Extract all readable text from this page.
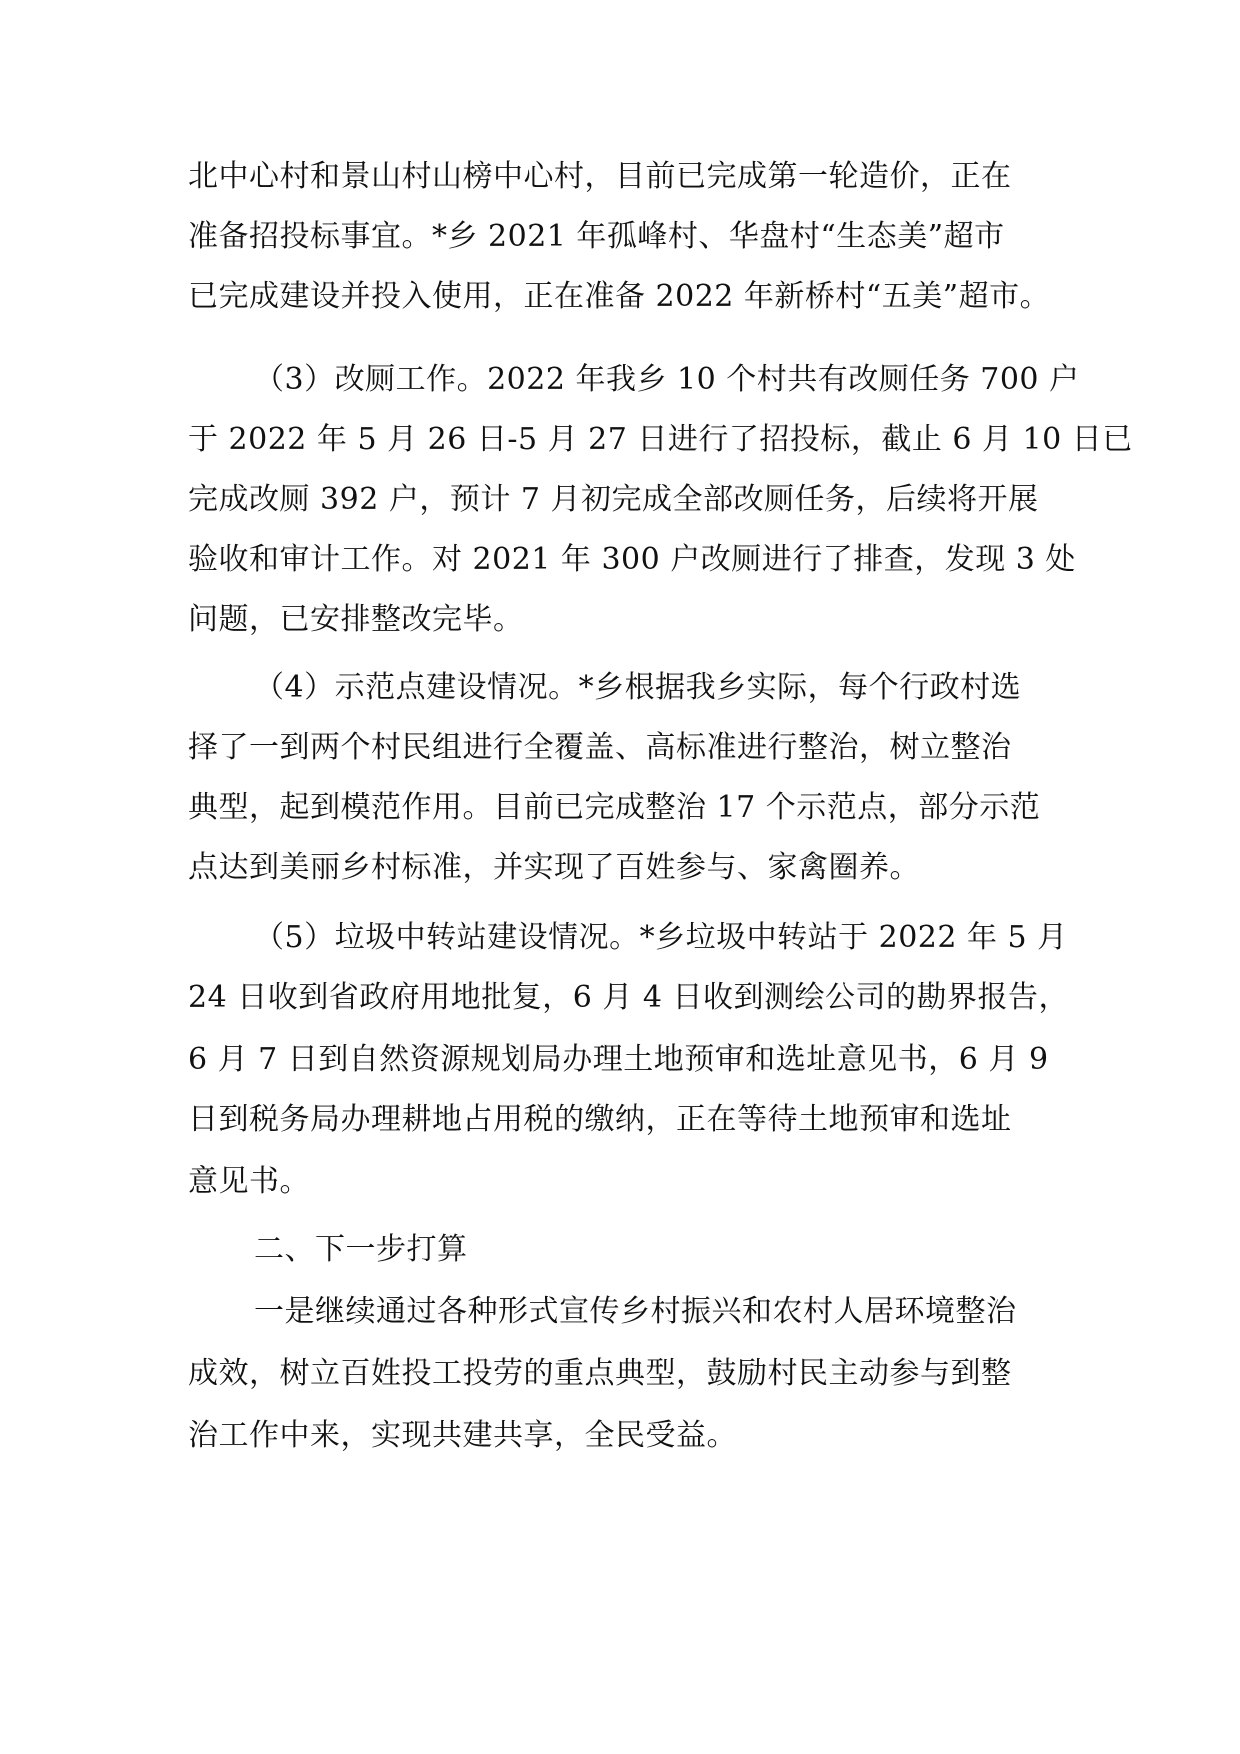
北中心村和景山村山榜中心村，目前已完成第一轮造价，正在
准备招投标事宜。*乡 2021 年孤峰村、华盘村“生态美”超市
已完成建设并投入使用，正在准备 2022 年新桥村“五美”超市。
（3）改厕工作。2022 年我乡 10 个村共有改厕任务 700 户
于 2022 年 5 月 26 日-5 月 27 日进行了招投标，截止 6 月 10 日已
完成改厕 392 户，预计 7 月初完成全部改厕任务，后续将开展
验收和审计工作。对 2021 年 300 户改厕进行了排查，发现 3 处
问题，已安排整改完毕。
（4）示范点建设情况。*乡根据我乡实际，每个行政村选
择了一到两个村民组进行全覆盖、高标准进行整治，树立整治
典型，起到模范作用。目前已完成整治 17 个示范点，部分示范
点达到美丽乡村标准，并实现了百姓参与、家禽圈养。
（5）垃圾中转站建设情况。*乡垃圾中转站于 2022 年 5 月
24 日收到省政府用地批复，6 月 4 日收到测绘公司的勘界报告，
6 月 7 日到自然资源规划局办理土地预审和选址意见书，6 月 9
日到税务局办理耕地占用税的缴纳，正在等待土地预审和选址
意见书。
二、下一步打算
一是继续通过各种形式宣传乡村振兴和农村人居环境整治
成效，树立百姓投工投劳的重点典型，鼓励村民主动参与到整
治工作中来，实现共建共享，全民受益。
